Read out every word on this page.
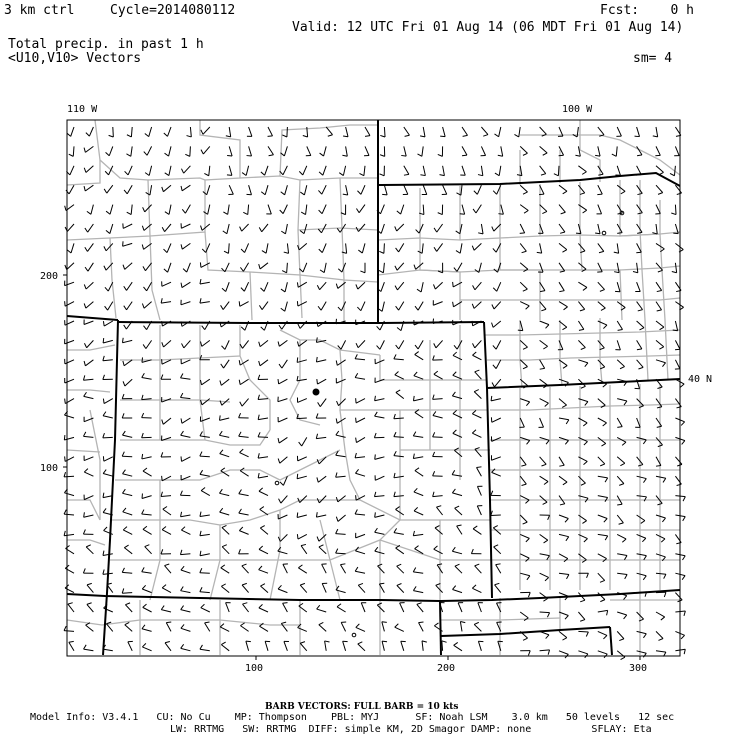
3 km ctrl	Cycle=2014080112	Fcst:    0 h
Valid: 12 UTC Fri 01 Aug 14 (06 MDT Fri 01 Aug 14)
Total precip. in past 1 h
<U10,V10> Vectors	sm= 4
110 W	100 W
40 N
100	200	300
200
100
BARB VECTORS: FULL BARB = 10 kts
Model Info: V3.4.1   CU: No Cu    MP: Thompson    PBL: MYJ      SF: Noah LSM    3.0 km   50 levels   12 sec
LW: RRTMG   SW: RRTMG  DIFF: simple KM, 2D Smagor DAMP: none          SFLAY: Eta
